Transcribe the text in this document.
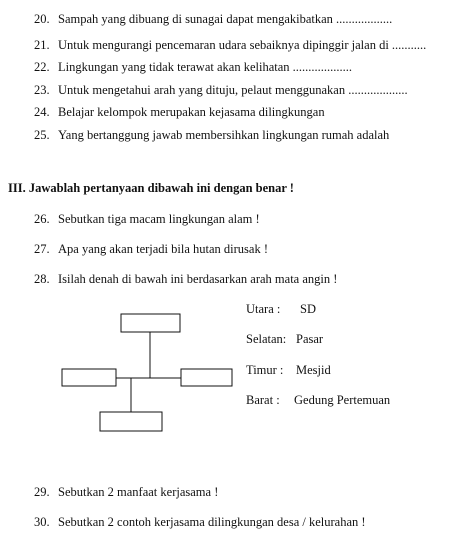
20. Sampah yang dibuang di sunagai dapat mengakibatkan ..................
21. Untuk mengurangi pencemaran udara sebaiknya dipinggir jalan di ...........
22. Lingkungan yang tidak terawat akan kelihatan ...................
23. Untuk mengetahui arah yang dituju, pelaut menggunakan ...................
24. Belajar kelompok merupakan kejasama dilingkungan
25. Yang bertanggung jawab membersihkan lingkungan rumah adalah
III. Jawablah pertanyaan dibawah ini dengan benar !
26. Sebutkan tiga macam lingkungan alam !
27. Apa yang akan terjadi bila hutan dirusak !
28. Isilah denah di bawah ini berdasarkan arah mata angin !
Utara : SD
Selatan: Pasar
Timur : Mesjid
Barat : Gedung Pertemuan
29. Sebutkan 2 manfaat kerjasama !
30. Sebutkan 2 contoh kerjasama dilingkungan desa / kelurahan !
